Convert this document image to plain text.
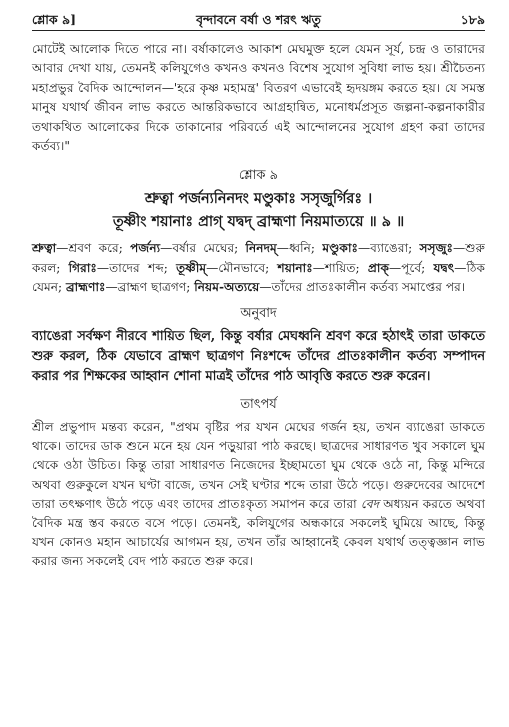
শ্লোক ৯]	বৃন্দাবনে বর্ষা ও শরৎ ঋতু	১৮৯

মোটেই আলোক দিতে পারে না। বর্ষাকালেও আকাশ মেঘমুক্ত হলে যেমন সূর্য, চন্দ্র ও তারাদের আবার দেখা যায়, তেমনই কলিযুগেও কখনও কখনও বিশেষ সুযোগ সুবিধা লাভ হয়। শ্রীচৈতন্য মহাপ্রভুর বৈদিক আন্দোলন—'হরে কৃষ্ণ মহামন্ত্র' বিতরণ এভাবেই হৃদয়ঙ্গম করতে হয়। যে সমস্ত মানুষ যথার্থ জীবন লাভ করতে আন্তরিকভাবে আগ্রহান্বিত, মনোধর্মপ্রসূত জল্পনা-কল্পনাকারীর তথাকথিত আলোকের দিকে তাকানোর পরিবর্তে এই আন্দোলনের সুযোগ গ্রহণ করা তাদের কর্তব্য।"

শ্লোক ৯

শ্রুত্বা পর্জন্যনিনদং মণ্ডুকাঃ সসৃজুর্গিরঃ ।

তূষ্ণীং শয়ানাঃ প্রাগ্ যদ্বদ্ ব্রাহ্মণা নিয়মাত্যয়ে ॥ ৯ ॥

শ্রুত্বা—শ্রবণ করে; পর্জন্য—বর্ষার মেঘের; নিনদম্—ধ্বনি; মণ্ডুকাঃ—ব্যাঙেরা; সসৃজুঃ—শুরু করল; গিরাঃ—তাদের শব্দ; তূষ্ণীম্—মৌনভাবে; শয়ানাঃ—শায়িত; প্রাক্—পূর্বে; যদ্বৎ—ঠিক যেমন; ব্রাহ্মণাঃ—ব্রাহ্মণ ছাত্রগণ; নিয়ম-অত্যয়ে—তাঁদের প্রাতঃকালীন কর্তব্য সমাপ্তের পর।

অনুবাদ

ব্যাঙেরা সর্বক্ষণ নীরবে শায়িত ছিল, কিন্তু বর্ষার মেঘধ্বনি শ্রবণ করে হঠাৎই তারা ডাকতে শুরু করল, ঠিক যেভাবে ব্রাহ্মণ ছাত্রগণ নিঃশব্দে তাঁদের প্রাতঃকালীন কর্তব্য সম্পাদন করার পর শিক্ষকের আহ্বান শোনা মাত্রই তাঁদের পাঠ আবৃত্তি করতে শুরু করেন।

তাৎপর্য

শ্রীল প্রভুপাদ মন্তব্য করেন, "প্রথম বৃষ্টির পর যখন মেঘের গর্জন হয়, তখন ব্যাঙেরা ডাকতে থাকে। তাদের ডাক শুনে মনে হয় যেন পড়ুয়ারা পাঠ করছে। ছাত্রদের সাধারণত খুব সকালে ঘুম থেকে ওঠা উচিত। কিন্তু তারা সাধারণত নিজেদের ইচ্ছামতো ঘুম থেকে ওঠে না, কিন্তু মন্দিরে অথবা গুরুকুলে যখন ঘণ্টা বাজে, তখন সেই ঘণ্টার শব্দে তারা উঠে পড়ে। গুরুদেবের আদেশে তারা তৎক্ষণাৎ উঠে পড়ে এবং তাদের প্রাতঃকৃত্য সমাপন করে তারা বেদ অধ্যয়ন করতে অথবা বৈদিক মন্ত্র স্তব করতে বসে পড়ে। তেমনই, কলিযুগের অন্ধকারে সকলেই ঘুমিয়ে আছে, কিন্তু যখন কোনও মহান আচার্যের আগমন হয়, তখন তাঁর আহ্বানেই কেবল যথার্থ তত্ত্বজ্ঞান লাভ করার জন্য সকলেই বেদ পাঠ করতে শুরু করে।
